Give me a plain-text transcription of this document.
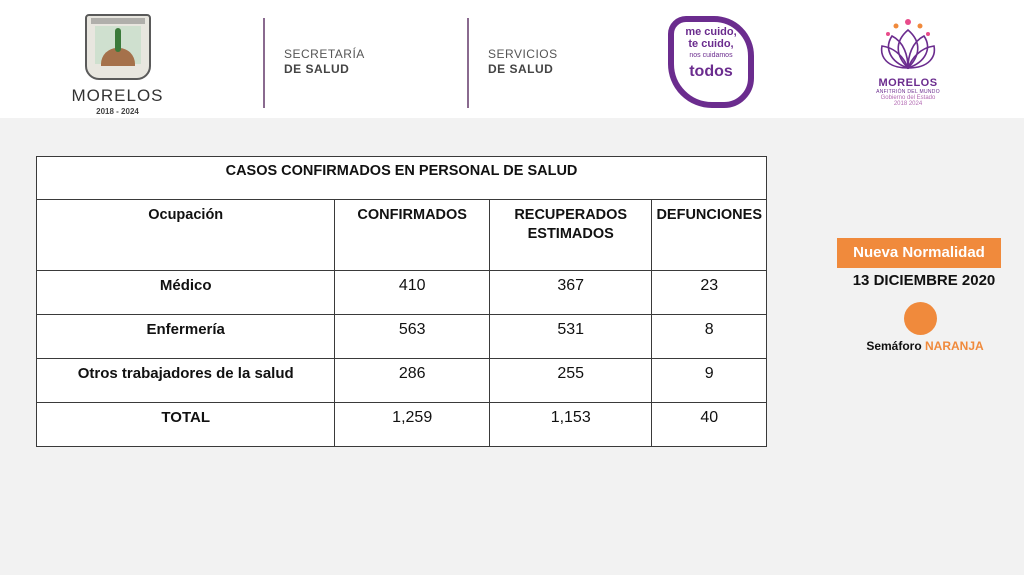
MORELOS
2018 - 2024
SECRETARÍA
DE SALUD
SERVICIOS
DE SALUD
me cuido,
te cuido,
nos cuidamos
todos
MORELOS
ANFITRIÓN DEL MUNDO
Gobierno del Estado
2018 2024
CASOS CONFIRMADOS EN PERSONAL DE SALUD			
Ocupación	CONFIRMADOS	RECUPERADOS ESTIMADOS	DEFUNCIONES
Médico	410	367	23
Enfermería	563	531	8
Otros trabajadores de la salud	286	255	9
TOTAL	1,259	1,153	40
Nueva Normalidad
13 DICIEMBRE 2020
Semáforo NARANJA
